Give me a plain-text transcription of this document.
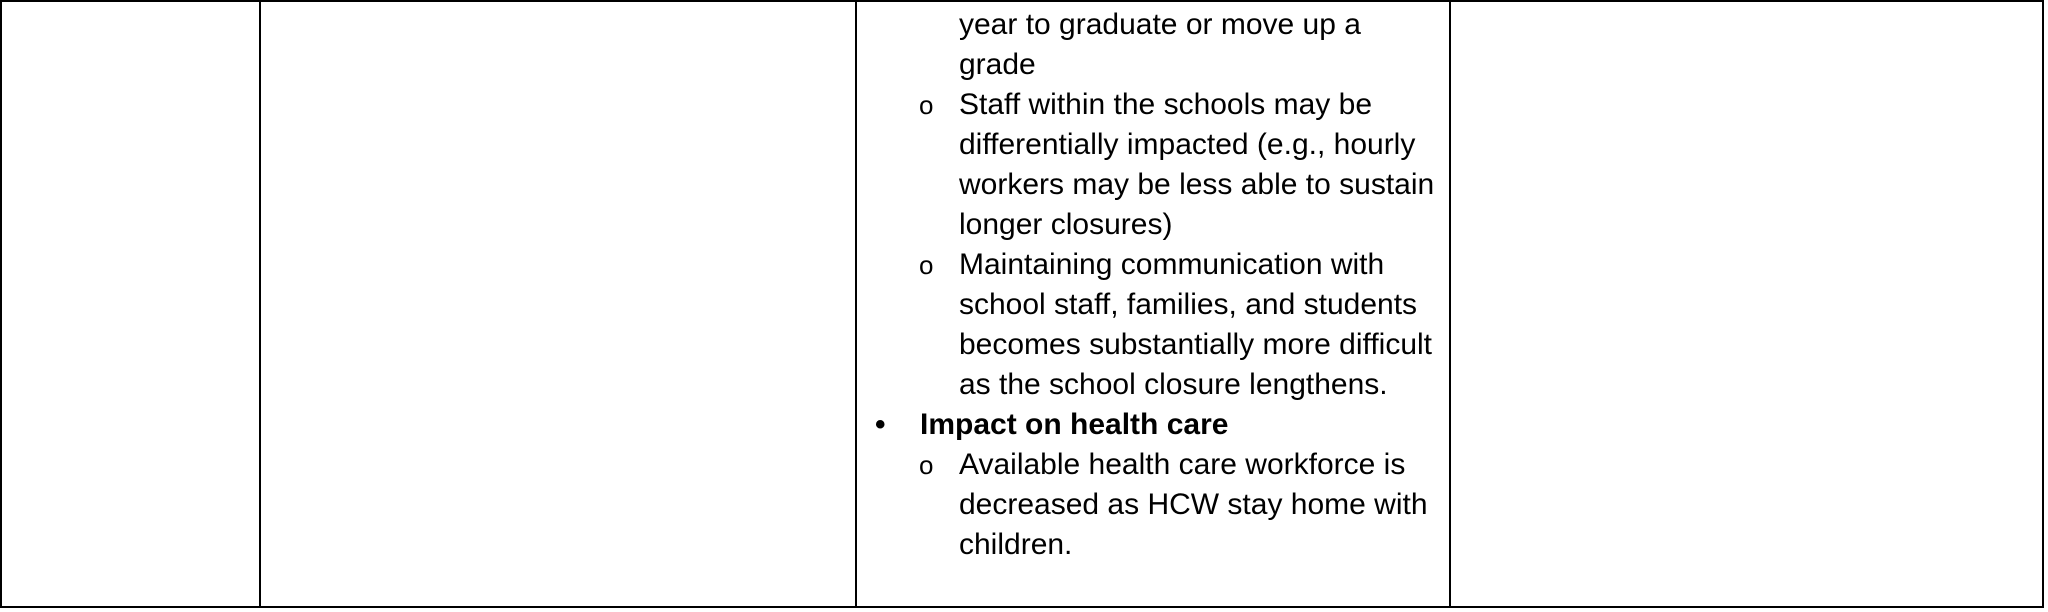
year to graduate or move up a grade

o Staff within the schools may be differentially impacted (e.g., hourly workers may be less able to sustain longer closures)

o Maintaining communication with school staff, families, and students becomes substantially more difficult as the school closure lengthens.

• Impact on health care

o Available health care workforce is decreased as HCW stay home with children.
